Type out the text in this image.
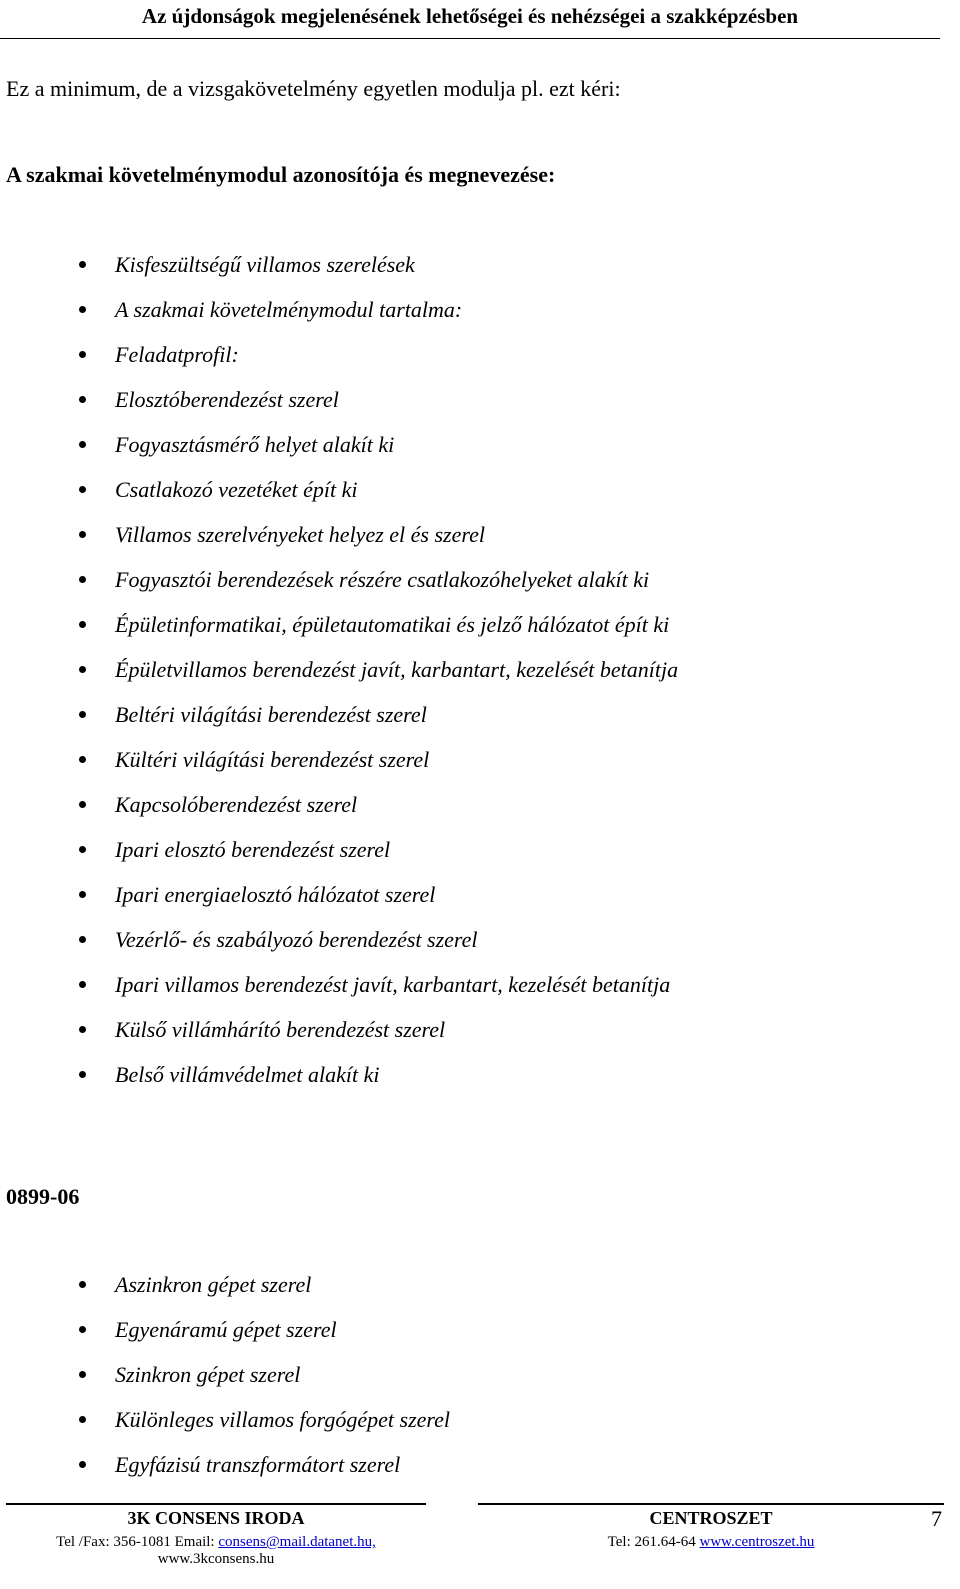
Az újdonságok megjelenésének lehetőségei és nehézségei a szakképzésben
Ez a minimum, de a vizsgakövetelmény egyetlen modulja pl. ezt kéri:
A szakmai követelménymodul azonosítója és megnevezése:
Kisfeszültségű villamos szerelések
A szakmai követelménymodul tartalma:
Feladatprofil:
Elosztóberendezést szerel
Fogyasztásmérő helyet alakít ki
Csatlakozó vezetéket épít ki
Villamos szerelvényeket helyez el és szerel
Fogyasztói berendezések részére csatlakozóhelyeket alakít ki
Épületinformatikai, épületautomatikai és jelző hálózatot épít ki
Épületvillamos berendezést javít, karbantart, kezelését betanítja
Beltéri világítási berendezést szerel
Kültéri világítási berendezést szerel
Kapcsolóberendezést szerel
Ipari elosztó berendezést szerel
Ipari energiaelosztó hálózatot szerel
Vezérlő- és szabályozó berendezést szerel
Ipari villamos berendezést javít, karbantart, kezelését betanítja
Külső villámhárító berendezést szerel
Belső villámvédelmet alakít ki
0899-06
Aszinkron gépet szerel
Egyenáramú gépet szerel
Szinkron gépet szerel
Különleges villamos forgógépet szerel
Egyfázisú transzformátort szerel
3K CONSENS IRODA	CENTROSZET	7
Tel /Fax: 356-1081 Email: consens@mail.datanet.hu,
www.3kconsens.hu
Tel: 261.64-64 www.centroszet.hu
